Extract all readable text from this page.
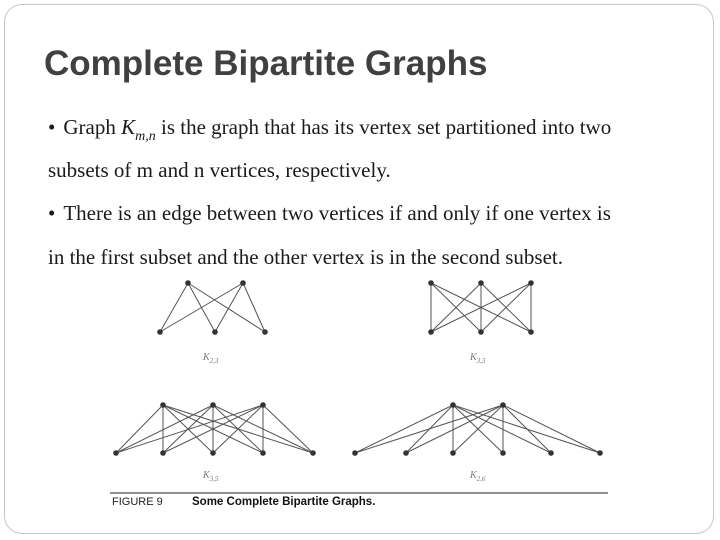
Complete Bipartite Graphs

• Graph $K_{m,n}$ is the graph that has its vertex set partitioned into two

subsets of m and n vertices, respectively.

• There is an edge between two vertices if and only if one vertex is

in the first subset and the other vertex is in the second subset.

$K_{2,3}$	$K_{3,3}$
$K_{3,5}$	$K_{2,6}$
FIGURE 9	Some Complete Bipartite Graphs.
